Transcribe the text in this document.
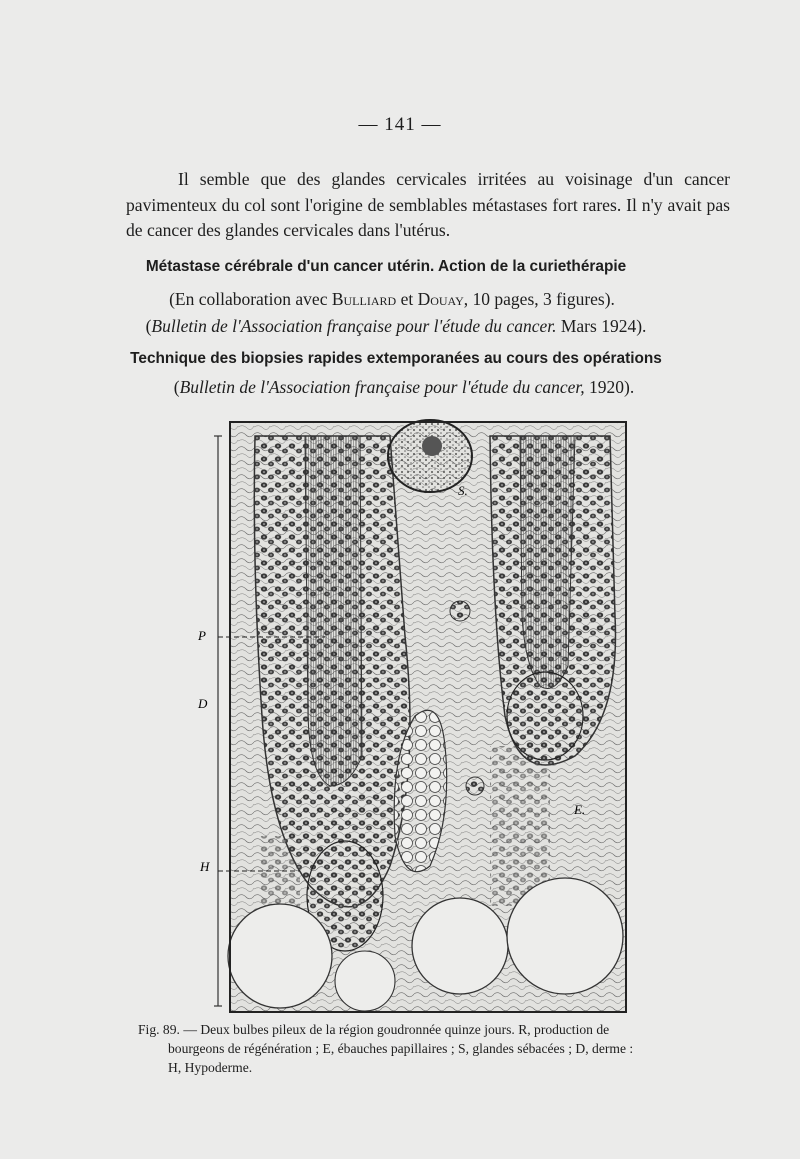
— 141 —

Il semble que des glandes cervicales irritées au voisinage d'un cancer pavimenteux du col sont l'origine de semblables métastases fort rares. Il n'y avait pas de cancer des glandes cervicales dans l'utérus.

Métastase cérébrale d'un cancer utérin. Action de la curiethérapie

(En collaboration avec Bulliard et Douay, 10 pages, 3 figures).

(Bulletin de l'Association française pour l'étude du cancer. Mars 1924).

Technique des biopsies rapides extemporanées au cours des opérations

(Bulletin de l'Association française pour l'étude du cancer, 1920).

P
D
H
S.
E.

Fig. 89. — Deux bulbes pileux de la région goudronnée quinze jours. R, production de
bourgeons de régénération ; E, ébauches papillaires ; S, glandes sébacées ; D, derme :
H, Hypoderme.
